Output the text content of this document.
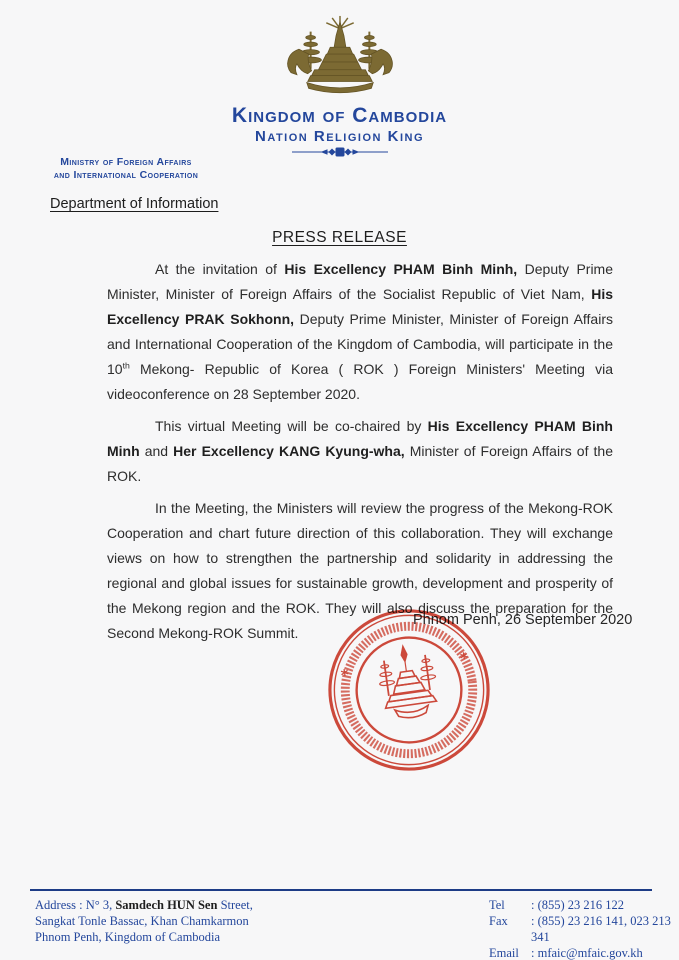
Kingdom of Cambodia
Nation Religion King
Ministry of Foreign Affairs
and International Cooperation
Department of Information
PRESS RELEASE

At the invitation of His Excellency PHAM Binh Minh, Deputy Prime Minister, Minister of Foreign Affairs of the Socialist Republic of Viet Nam, His Excellency PRAK Sokhonn, Deputy Prime Minister, Minister of Foreign Affairs and International Cooperation of the Kingdom of Cambodia, will participate in the 10th Mekong- Republic of Korea ( ROK ) Foreign Ministers' Meeting via videoconference on 28 September 2020.

This virtual Meeting will be co-chaired by His Excellency PHAM Binh Minh and Her Excellency KANG Kyung-wha, Minister of Foreign Affairs of the ROK.

In the Meeting, the Ministers will review the progress of the Mekong-ROK Cooperation and chart future direction of this collaboration. They will exchange views on how to strengthen the partnership and solidarity in addressing the regional and global issues for sustainable growth, development and prosperity of the Mekong region and the ROK. They will also discuss the preparation for the Second Mekong-ROK Summit.

Phnom Penh, 26 September 2020
*
*
Address : N° 3, Samdech HUN Sen Street,
Sangkat Tonle Bassac, Khan Chamkarmon
Phnom Penh, Kingdom of Cambodia
Tel	: (855) 23 216 122
Fax	: (855) 23 216 141, 023 213 341
Email : mfaic@mfaic.gov.kh
